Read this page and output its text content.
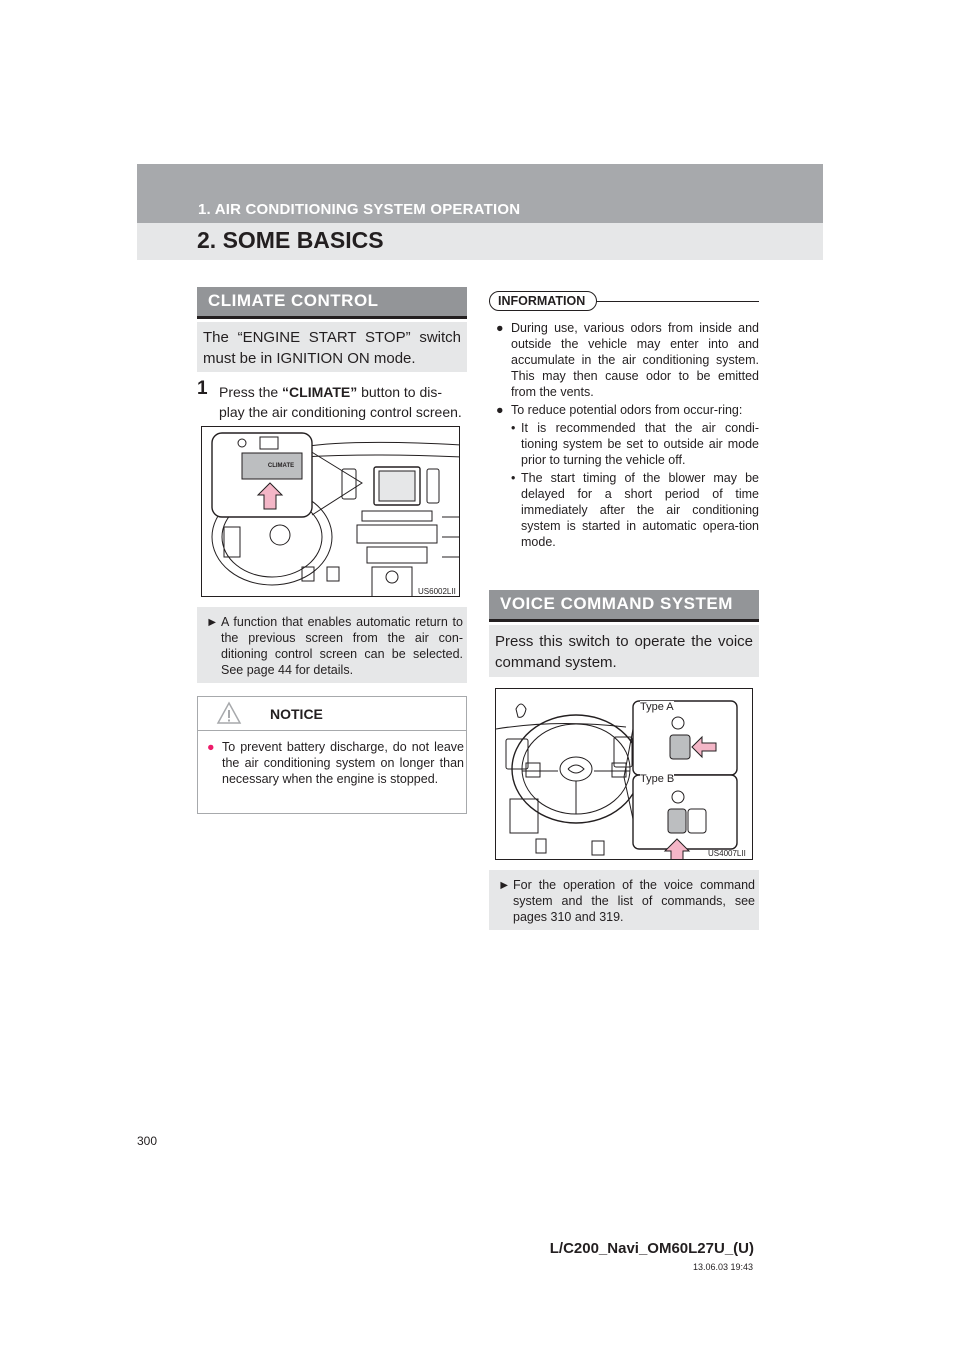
1. AIR CONDITIONING SYSTEM OPERATION
2. SOME BASICS
CLIMATE CONTROL
The “ENGINE START STOP” switch must be in IGNITION ON mode.
1 Press the “CLIMATE” button to dis-
play the air conditioning control screen.
CLIMATE
US6002LII
► A function that enables automatic return to the previous screen from the air con-ditioning control screen can be selected. See page 44 for details.
NOTICE
● To prevent battery discharge, do not leave the air conditioning system on longer than necessary when the engine is stopped.
INFORMATION
● During use, various odors from inside and outside the vehicle may enter into and accumulate in the air conditioning system. This may then cause odor to be emitted from the vents.
● To reduce potential odors from occur-ring:
• It is recommended that the air condi-tioning system be set to outside air mode prior to turning the vehicle off.
• The start timing of the blower may be delayed for a short period of time immediately after the air conditioning system is started in automatic opera-tion mode.
VOICE COMMAND SYSTEM
Press this switch to operate the voice command system.
Type A
Type B
US4007LII
► For the operation of the voice command system and the list of commands, see pages 310 and 319.
300
L/C200_Navi_OM60L27U_(U)
13.06.03 19:43
